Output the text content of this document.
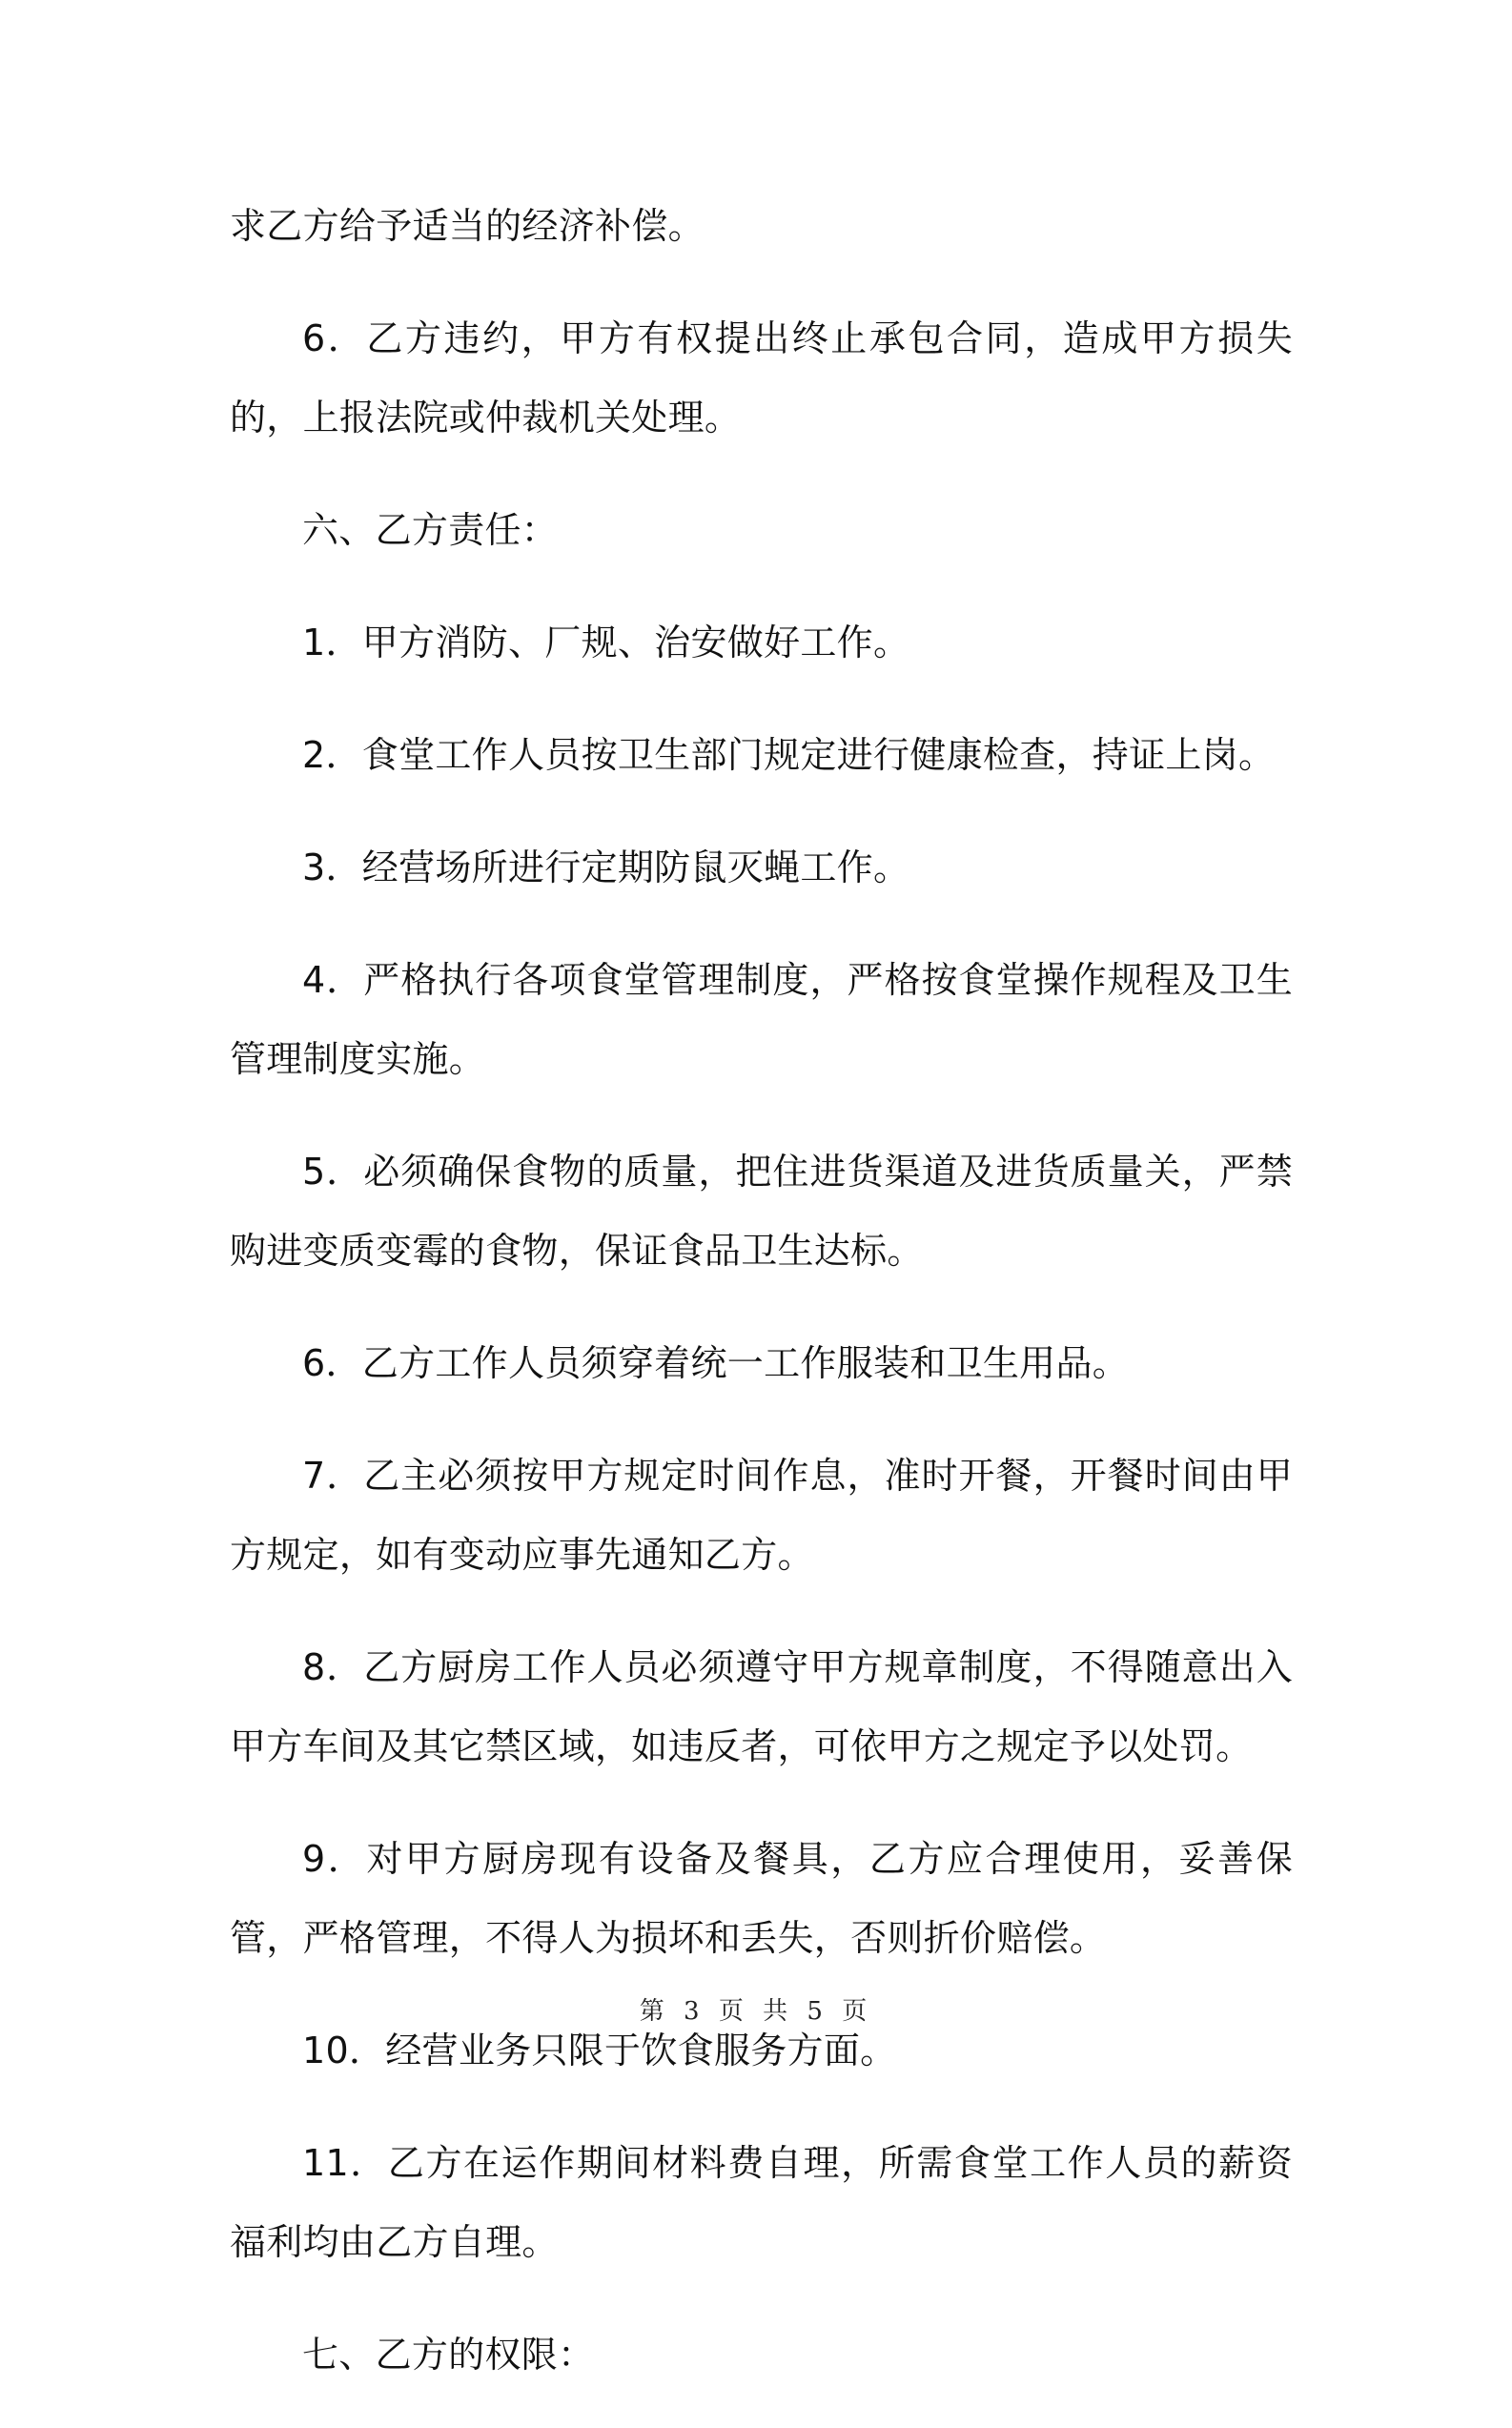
求乙方给予适当的经济补偿。

6．乙方违约，甲方有权提出终止承包合同，造成甲方损失的，上报法院或仲裁机关处理。

六、乙方责任：

1．甲方消防、厂规、治安做好工作。

2．食堂工作人员按卫生部门规定进行健康检查，持证上岗。

3．经营场所进行定期防鼠灭蝇工作。

4．严格执行各项食堂管理制度，严格按食堂操作规程及卫生管理制度实施。

5．必须确保食物的质量，把住进货渠道及进货质量关，严禁购进变质变霉的食物，保证食品卫生达标。

6．乙方工作人员须穿着统一工作服装和卫生用品。

7．乙主必须按甲方规定时间作息，准时开餐，开餐时间由甲方规定，如有变动应事先通知乙方。

8．乙方厨房工作人员必须遵守甲方规章制度，不得随意出入甲方车间及其它禁区域，如违反者，可依甲方之规定予以处罚。

9．对甲方厨房现有设备及餐具，乙方应合理使用，妥善保管，严格管理，不得人为损坏和丢失，否则折价赔偿。

10．经营业务只限于饮食服务方面。

11．乙方在运作期间材料费自理，所需食堂工作人员的薪资福利均由乙方自理。

七、乙方的权限：

第 3 页 共 5 页
